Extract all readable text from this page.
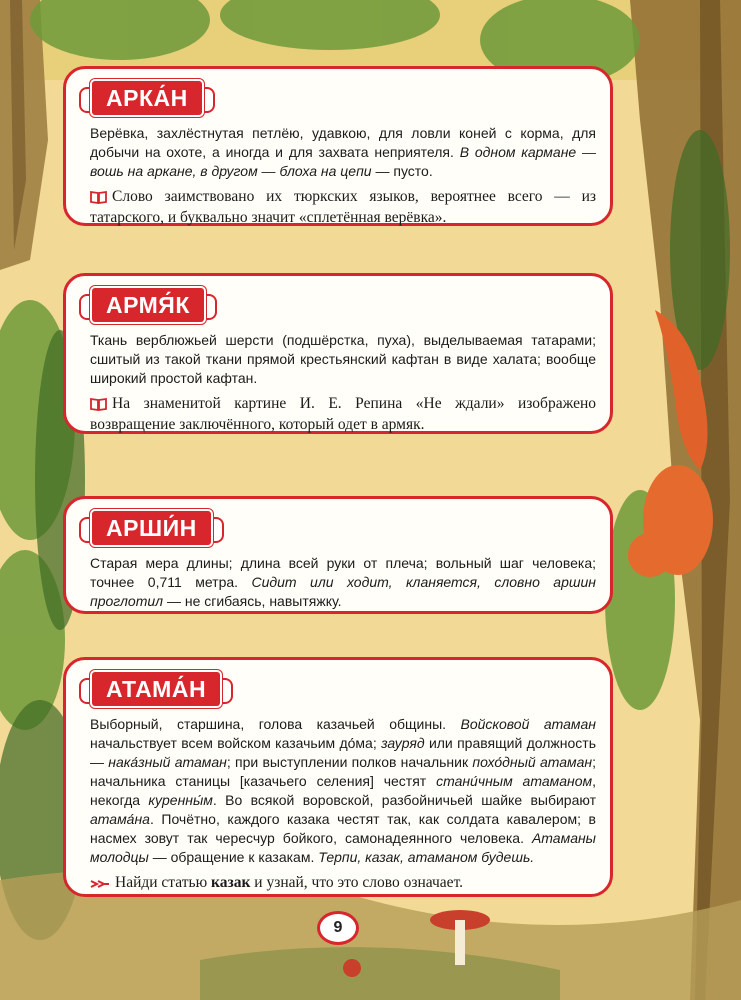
АРКА́Н
Верёвка, захлёстнутая петлёю, удавкою, для ловли коней с корма, для добычи на охоте, а иногда и для захвата неприятеля. В одном кармане — вошь на аркане, в другом — блоха на цепи — пусто.
Слово заимствовано их тюркских языков, вероятнее всего — из татарского, и буквально значит «сплетённая верёвка».
АРМЯ́К
Ткань верблюжьей шерсти (подшёрстка, пуха), выделываемая татарами; сшитый из такой ткани прямой крестьянский кафтан в виде халата; вообще широкий простой кафтан.
На знаменитой картине И. Е. Репина «Не ждали» изображено возвращение заключённого, который одет в армяк.
АРШИ́Н
Старая мера длины; длина всей руки от плеча; вольный шаг человека; точнее 0,711 метра. Сидит или ходит, кланяется, словно аршин проглотил — не сгибаясь, навытяжку.
АТАМА́Н
Выборный, старшина, голова казачьей общины. Войсковой атаман начальствует всем войском казачьим до́ма; зауряд или правящий должность — нака́зный атаман; при выступлении полков начальник похо́дный атаман; начальника станицы [казачьего селения] честят стани́чным атаманом, некогда куренны́м. Во всякой воровской, разбойничьей шайке выбирают атама́на. Почётно, каждого казака честят так, как солдата кавалером; в насмех зовут так чересчур бойкого, самонадеянного человека. Атаманы молодцы — обращение к казакам. Терпи, казак, атаманом будешь.
Найди статью казак и узнай, что это слово означает.
9
